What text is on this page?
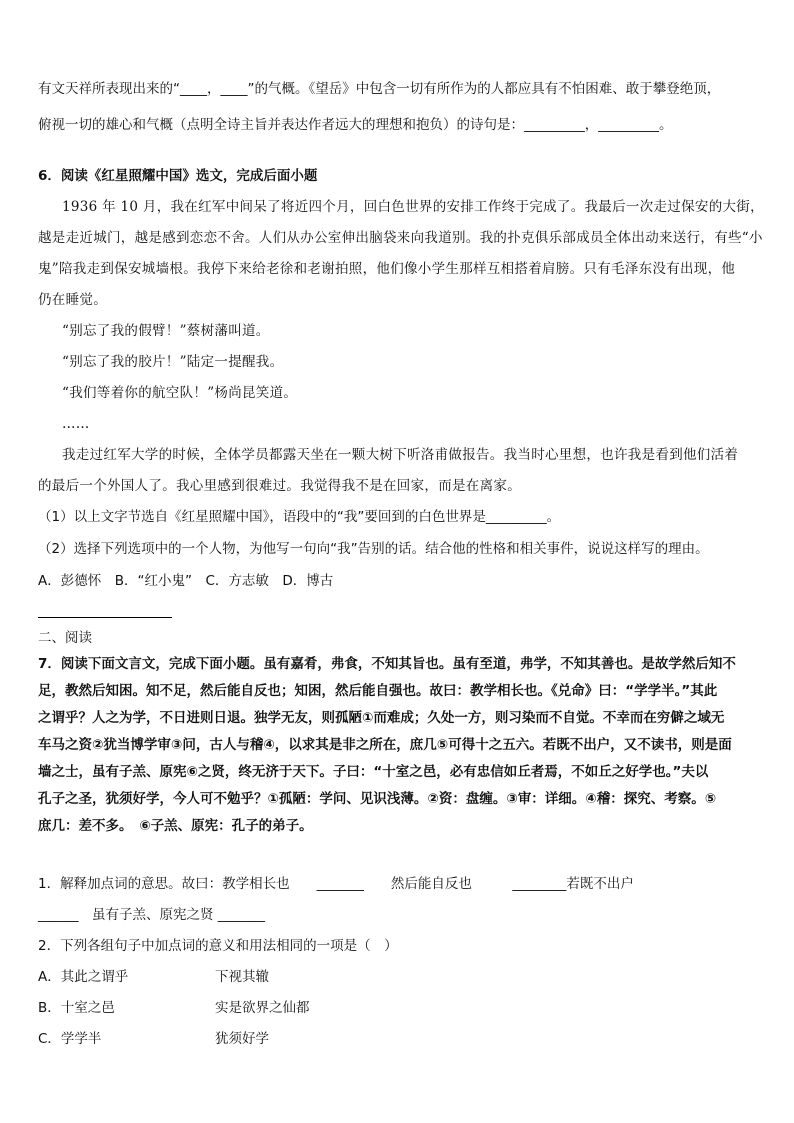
有文天祥所表现出来的“____，____”的气概。《望岳》中包含一切有所作为的人都应具有不怕困难、敢于攀登绝顶，
俯视一切的雄心和气概（点明全诗主旨并表达作者远大的理想和抱负）的诗句是：_________，_________。
6．阅读《红星照耀中国》选文，完成后面小题
1936 年 10 月，我在红军中间呆了将近四个月，回白色世界的安排工作终于完成了。我最后一次走过保安的大街，
越是走近城门，越是感到恋恋不舍。人们从办公室伸出脑袋来向我道别。我的扑克俱乐部成员全体出动来送行，有些“小
鬼”陪我走到保安城墙根。我停下来给老徐和老谢拍照，他们像小学生那样互相搭着肩膀。只有毛泽东没有出现，他
仍在睡觉。
“别忘了我的假臂！”蔡树藩叫道。
“别忘了我的胶片！”陆定一提醒我。
“我们等着你的航空队！”杨尚昆笑道。
……
我走过红军大学的时候，全体学员都露天坐在一颗大树下听洛甫做报告。我当时心里想，也许我是看到他们活着
的最后一个外国人了。我心里感到很难过。我觉得我不是在回家，而是在离家。
（1）以上文字节选自《红星照耀中国》，语段中的“我”要回到的白色世界是_________。
（2）选择下列选项中的一个人物，为他写一句向“我”告别的话。结合他的性格和相关事件，说说这样写的理由。
A．彭德怀　B．“红小鬼”　C．方志敏　D．博古
二、阅读
7．阅读下面文言文，完成下面小题。虽有嘉肴，弗食，不知其旨也。虽有至道，弗学，不知其善也。是故学然后知不
足，教然后知困。知不足，然后能自反也；知困，然后能自强也。故曰：教学相长也。《兑命》曰：“学学半。”其此
之谓乎？人之为学，不日进则日退。独学无友，则孤陋①而难成；久处一方，则习染而不自觉。不幸而在穷僻之域无
车马之资②犹当博学审③问，古人与稽④，以求其是非之所在，庶几⑤可得十之五六。若既不出户，又不读书，则是面
墙之士，虽有子羔、原宪⑥之贤，终无济于天下。子曰：“十室之邑，必有忠信如丘者焉，不如丘之好学也。”夫以
孔子之圣，犹须好学，今人可不勉乎？①孤陋：学问、见识浅薄。②资：盘缠。③审：详细。④稽：探究、考察。⑤
庶几：差不多。　⑥子羔、原宪：孔子的弟子。
1．解释加点词的意思。故曰：教学相长也　　_______　　然后能自反也　　　________若既不出户
______　虽有子羔、原宪之贤 _______
2．下列各组句子中加点词的意义和用法相同的一项是（　）
A．其此之谓乎	下视其辙
B．十室之邑	实是欲界之仙都
C．学学半	犹须好学
